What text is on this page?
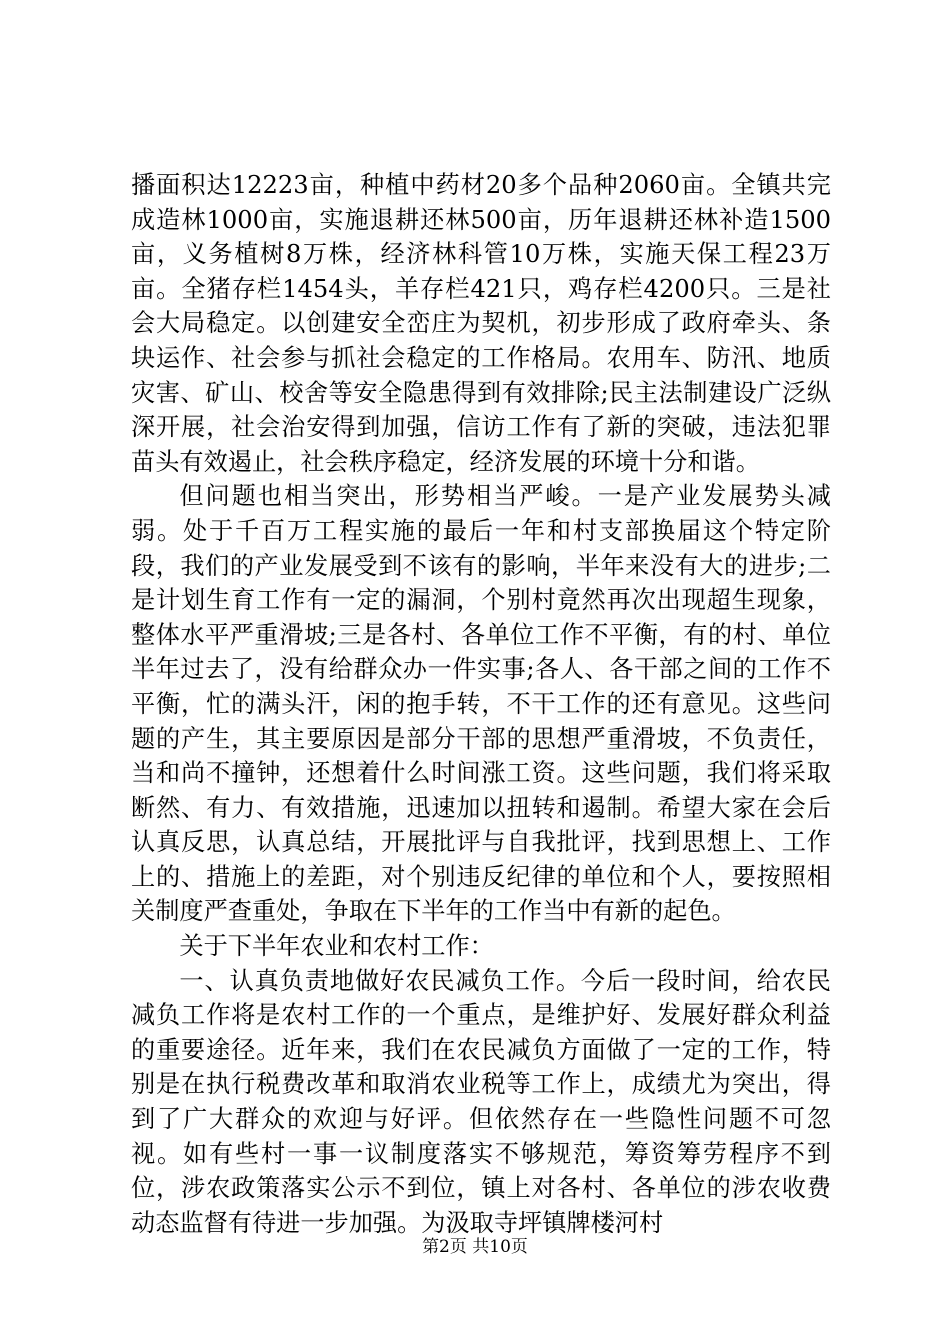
播面积达12223亩，种植中药材20多个品种2060亩。全镇共完成造林1000亩，实施退耕还林500亩，历年退耕还林补造1500亩，义务植树8万株，经济林科管10万株，实施天保工程23万亩。全猪存栏1454头，羊存栏421只，鸡存栏4200只。三是社会大局稳定。以创建安全峦庄为契机，初步形成了政府牵头、条块运作、社会参与抓社会稳定的工作格局。农用车、防汛、地质灾害、矿山、校舍等安全隐患得到有效排除;民主法制建设广泛纵深开展，社会治安得到加强，信访工作有了新的突破，违法犯罪苗头有效遏止，社会秩序稳定，经济发展的环境十分和谐。

但问题也相当突出，形势相当严峻。一是产业发展势头减弱。处于千百万工程实施的最后一年和村支部换届这个特定阶段，我们的产业发展受到不该有的影响，半年来没有大的进步;二是计划生育工作有一定的漏洞，个别村竟然再次出现超生现象，整体水平严重滑坡;三是各村、各单位工作不平衡，有的村、单位半年过去了，没有给群众办一件实事;各人、各干部之间的工作不平衡，忙的满头汗，闲的抱手转，不干工作的还有意见。这些问题的产生，其主要原因是部分干部的思想严重滑坡，不负责任，当和尚不撞钟，还想着什么时间涨工资。这些问题，我们将采取断然、有力、有效措施，迅速加以扭转和遏制。希望大家在会后认真反思，认真总结，开展批评与自我批评，找到思想上、工作上的、措施上的差距，对个别违反纪律的单位和个人，要按照相关制度严查重处，争取在下半年的工作当中有新的起色。

关于下半年农业和农村工作：

一、认真负责地做好农民减负工作。今后一段时间，给农民减负工作将是农村工作的一个重点，是维护好、发展好群众利益的重要途径。近年来，我们在农民减负方面做了一定的工作，特别是在执行税费改革和取消农业税等工作上，成绩尤为突出，得到了广大群众的欢迎与好评。但依然存在一些隐性问题不可忽视。如有些村一事一议制度落实不够规范，筹资筹劳程序不到位，涉农政策落实公示不到位，镇上对各村、各单位的涉农收费动态监督有待进一步加强。为汲取寺坪镇牌楼河村

第2页 共10页
